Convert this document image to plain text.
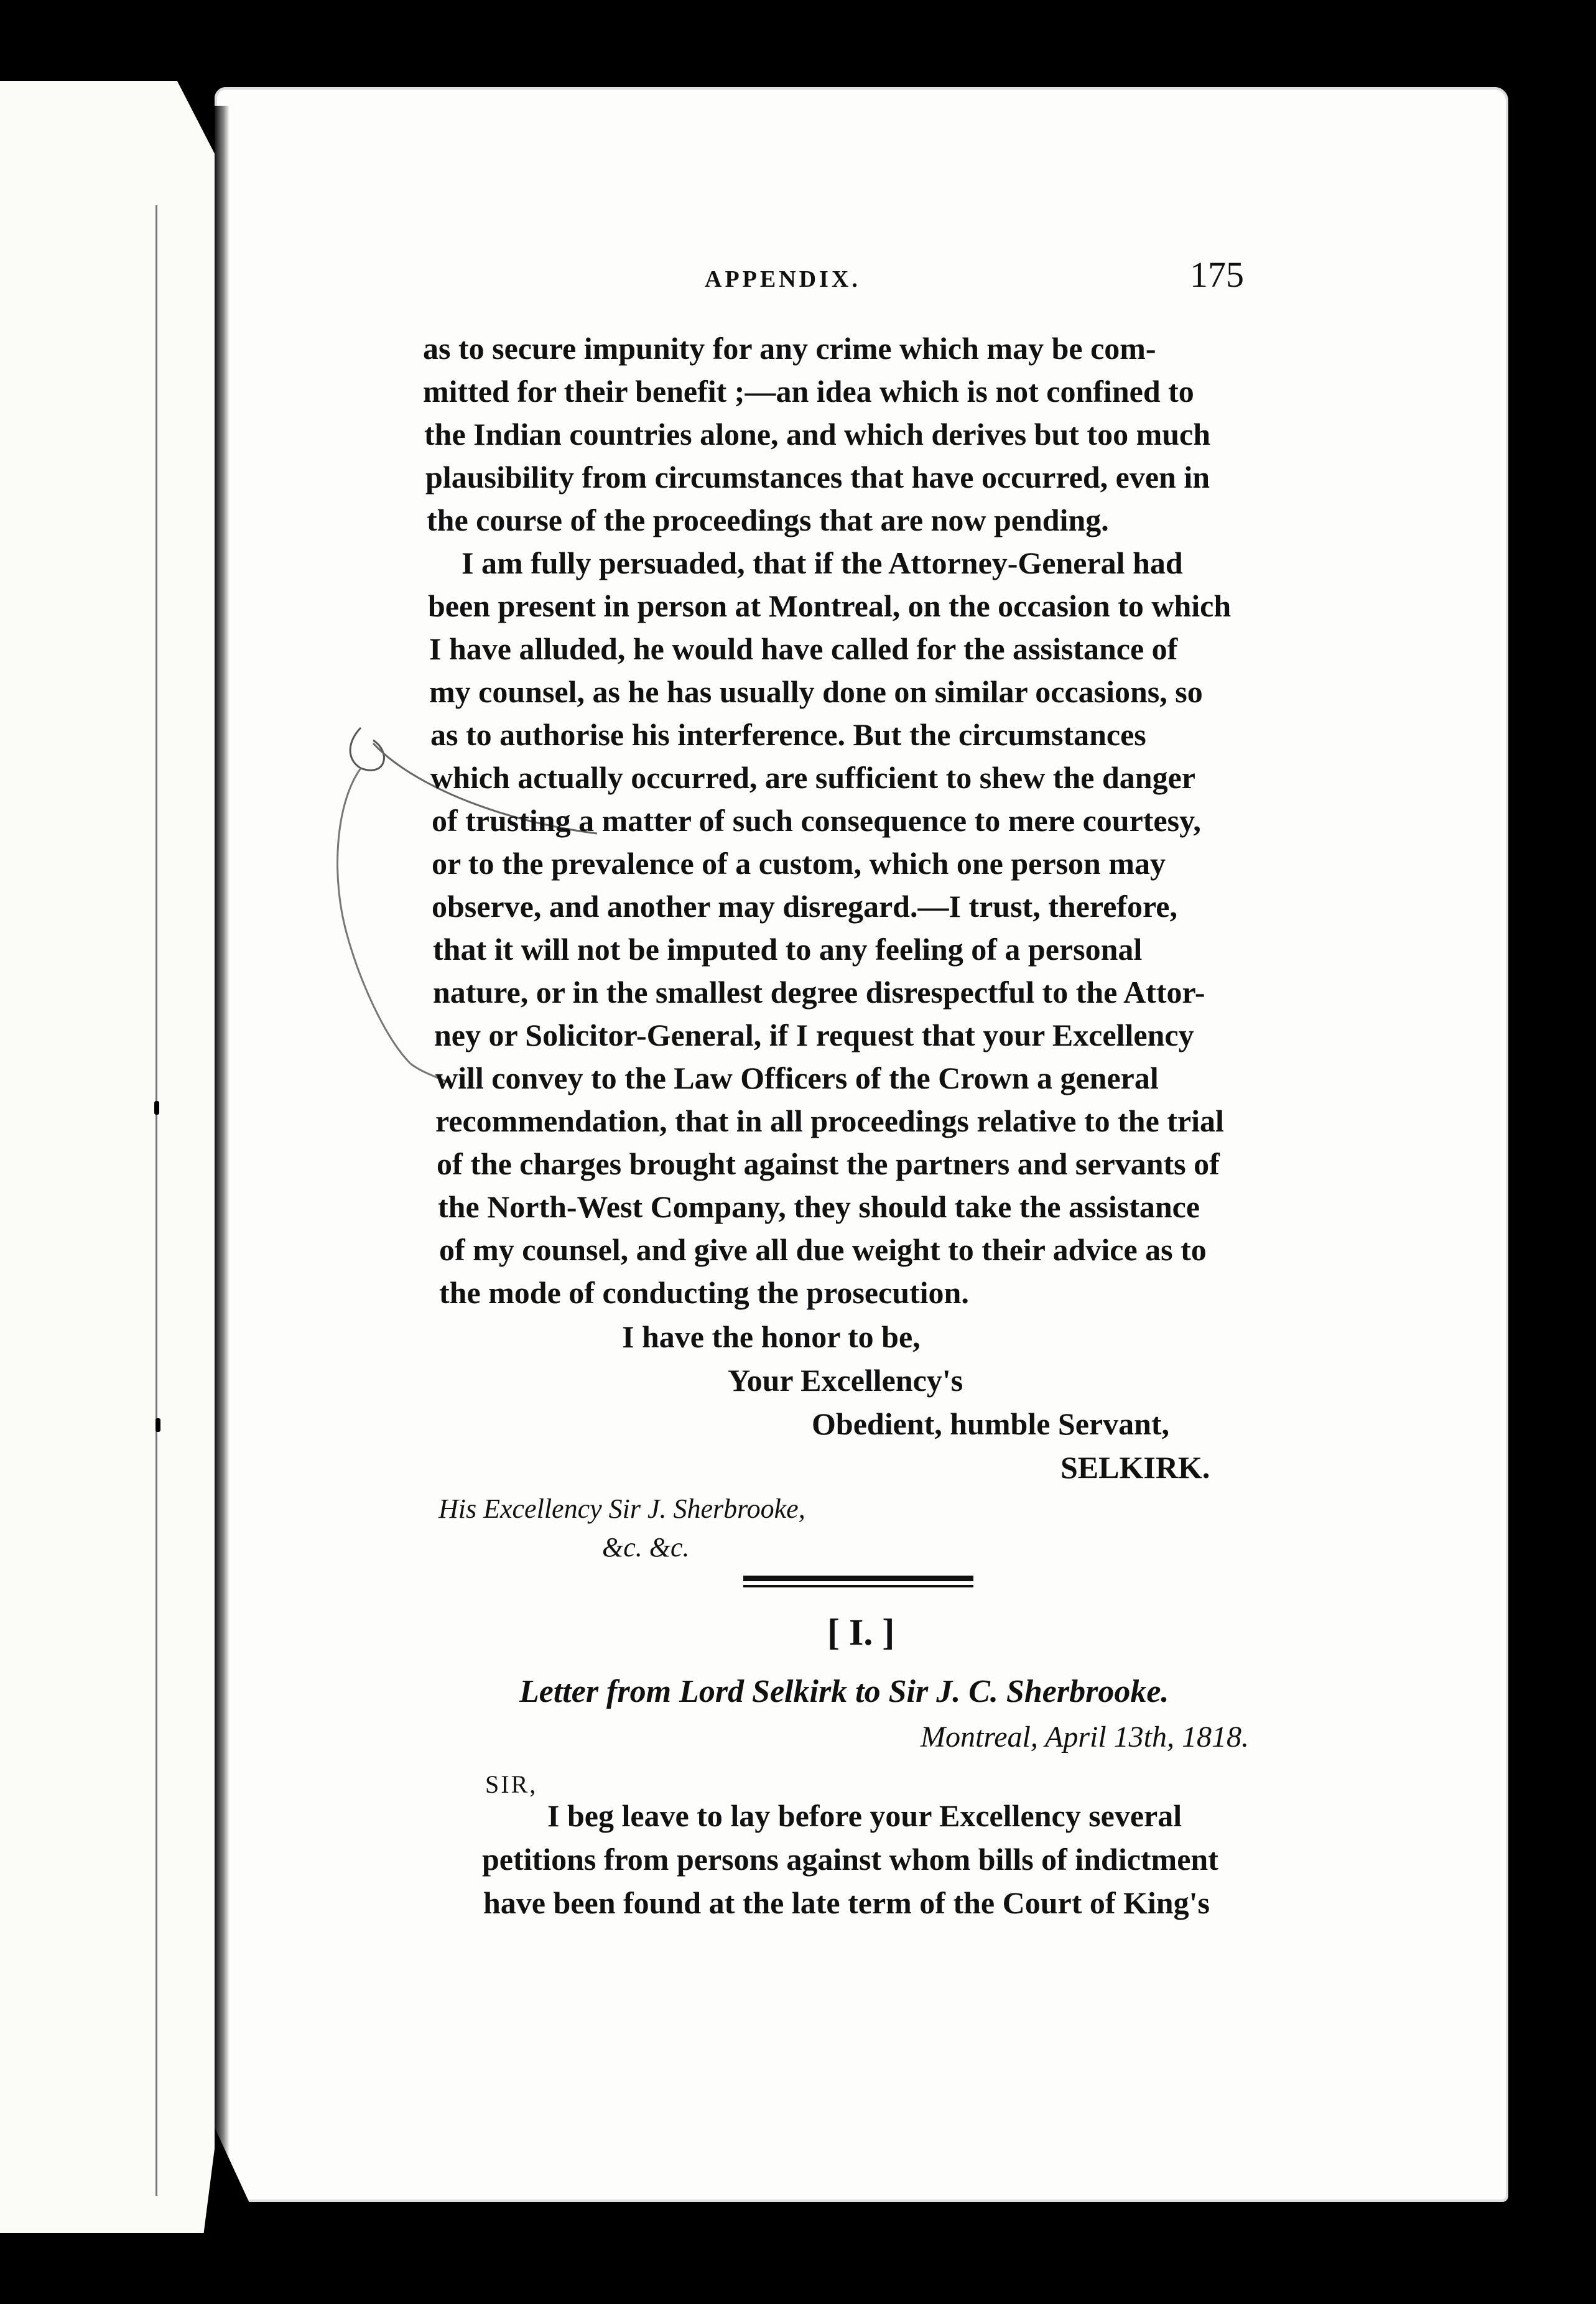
APPENDIX.	175
as to secure impunity for any crime which may be com-
mitted for their benefit ;—an idea which is not confined to
the Indian countries alone, and which derives but too much
plausibility from circumstances that have occurred, even in
the course of the proceedings that are now pending.
I am fully persuaded, that if the Attorney-General had
been present in person at Montreal, on the occasion to which
I have alluded, he would have called for the assistance of
my counsel, as he has usually done on similar occasions, so
as to authorise his interference. But the circumstances
which actually occurred, are sufficient to shew the danger
of trusting a matter of such consequence to mere courtesy,
or to the prevalence of a custom, which one person may
observe, and another may disregard.—I trust, therefore,
that it will not be imputed to any feeling of a personal
nature, or in the smallest degree disrespectful to the Attor-
ney or Solicitor-General, if I request that your Excellency
will convey to the Law Officers of the Crown a general
recommendation, that in all proceedings relative to the trial
of the charges brought against the partners and servants of
the North-West Company, they should take the assistance
of my counsel, and give all due weight to their advice as to
the mode of conducting the prosecution.
I have the honor to be,
Your Excellency's
Obedient, humble Servant,
SELKIRK.
His Excellency Sir J. Sherbrooke,
&c. &c.
[ I. ]
Letter from Lord Selkirk to Sir J. C. Sherbrooke.
Montreal, April 13th, 1818.
SIR,
I beg leave to lay before your Excellency several
petitions from persons against whom bills of indictment
have been found at the late term of the Court of King's
